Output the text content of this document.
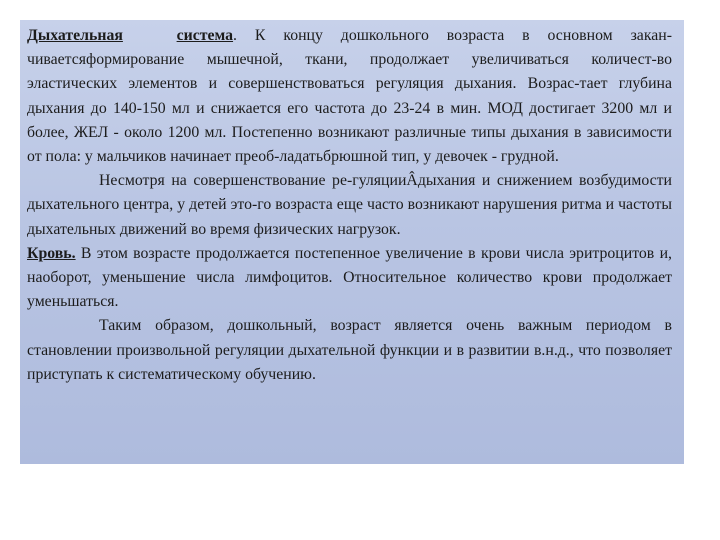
Дыхательная	система. К концу дошкольного возраста в основном закан-чиваетсяформирование мышечной, ткани, продолжает увеличиваться количест-во эластических элементов и совершенствоваться регуляция дыхания. Возрас-тает глубина дыхания до 140-150 мл и снижается его частота до 23-24 в мин. МОД достигает 3200 мл и более, ЖЕЛ - около 1200 мл. Постепенно возникают различные типы дыхания в зависимости от пола: у мальчиков начинает преоб-ладатьбрюшной тип, у девочек - грудной.

Несмотря на совершенствование ре-гуляцииÂдыхания и снижением возбудимости дыхательного центра, у детей это-го возраста еще часто возникают нарушения ритма и частоты дыхательных движений во время физических нагрузок.

Кровь. В этом возрасте продолжается постепенное увеличение в крови числа эритроцитов и, наоборот, уменьшение числа лимфоцитов. Относительное количество крови продолжает уменьшаться.

Таким образом, дошкольный, возраст является очень важным периодом в становлении произвольной регуляции дыхательной функции и в развитии в.н.д., что позволяет приступать к систематическому обучению.
